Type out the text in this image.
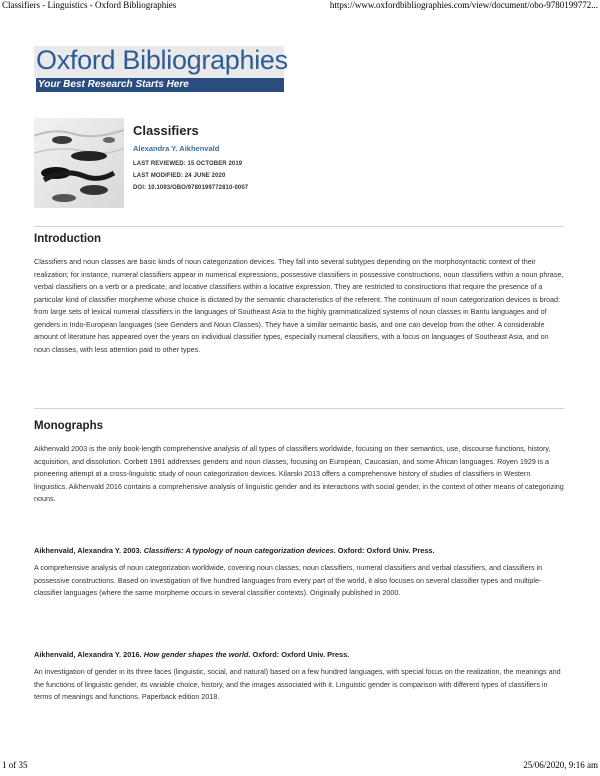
Classifiers - Linguistics - Oxford Bibliographies	https://www.oxfordbibliographies.com/view/document/obo-9780199772...
Oxford Bibliographies
Your Best Research Starts Here
Classifiers
Alexandra Y. Aikhenvald
LAST REVIEWED: 15 OCTOBER 2019
LAST MODIFIED: 24 JUNE 2020
DOI: 10.1093/OBO/9780199772810-0007
Introduction

Classifiers and noun classes are basic kinds of noun categorization devices. They fall into several subtypes depending on the morphosyntactic context of their realization; for instance, numeral classifiers appear in numerical expressions, possessive classifiers in possessive constructions, noun classifiers within a noun phrase, verbal classifiers on a verb or a predicate, and locative classifiers within a locative expression. They are restricted to constructions that require the presence of a particular kind of classifier morpheme whose choice is dictated by the semantic characteristics of the referent. The continuum of noun categorization devices is broad: from large sets of lexical numeral classifiers in the languages of Southeast Asia to the highly grammaticalized systems of noun classes in Bantu languages and of genders in Indo-European languages (see Genders and Noun Classes). They have a similar semantic basis, and one can develop from the other. A considerable amount of literature has appeared over the years on individual classifier types, especially numeral classifiers, with a focus on languages of Southeast Asia, and on noun classes, with less attention paid to other types.

Monographs

Aikhenvald 2003 is the only book-length comprehensive analysis of all types of classifiers worldwide, focusing on their semantics, use, discourse functions, history, acquisition, and dissolution. Corbett 1991 addresses genders and noun classes, focusing on European, Caucasian, and some African languages. Royen 1929 is a pioneering attempt at a cross-linguistic study of noun categorization devices. Kilarski 2013 offers a comprehensive history of studies of classifiers in Western linguistics. Aikhenvald 2016 contains a comprehensive analysis of linguistic gender and its interactions with social gender, in the context of other means of categorizing nouns.

Aikhenvald, Alexandra Y. 2003. Classifiers: A typology of noun categorization devices. Oxford: Oxford Univ. Press.

A comprehensive analysis of noun categorization worldwide, covering noun classes, noun classifiers, numeral classifiers and verbal classifiers, and classifiers in possessive constructions. Based on investigation of five hundred languages from every part of the world, it also focuses on several classifier types and multiple-classifier languages (where the same morpheme occurs in several classifier contexts). Originally published in 2000.

Aikhenvald, Alexandra Y. 2016. How gender shapes the world. Oxford: Oxford Univ. Press.

An investigation of gender in its three faces (linguistic, social, and natural) based on a few hundred languages, with special focus on the realization, the meanings and the functions of linguistic gender, its variable choice, history, and the images associated with it. Linguistic gender is comparison with different types of classifiers in terms of meanings and functions. Paperback edition 2018.

1 of 35	25/06/2020, 9:16 am
